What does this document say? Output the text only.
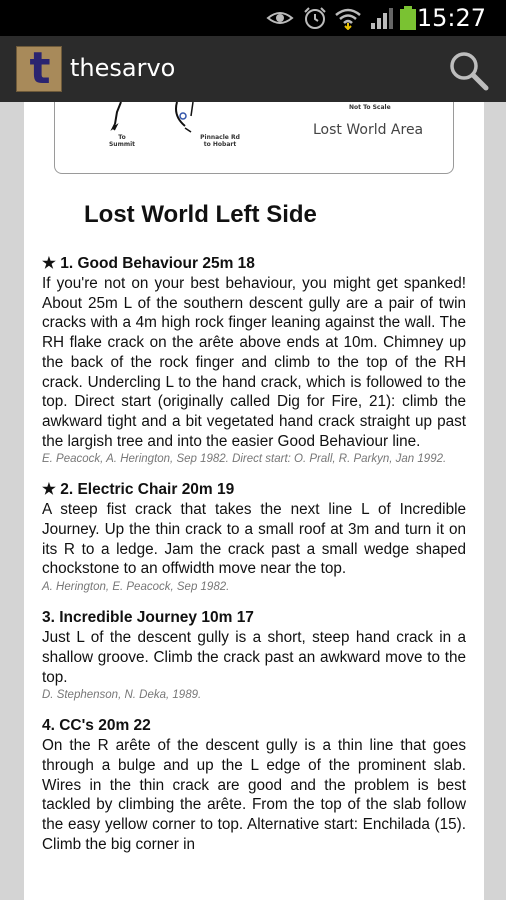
15:27
t thesarvo
Not To Scale
To Summit
Pinnacle Rd to Hobart
Lost World Area
Lost World Left Side
★ 1. Good Behaviour 25m 18
If you're not on your best behaviour, you might get spanked! About 25m L of the southern descent gully are a pair of twin cracks with a 4m high rock finger leaning against the wall. The RH flake crack on the arête above ends at 10m. Chimney up the back of the rock finger and climb to the top of the RH crack. Undercling L to the hand crack, which is followed to the top. Direct start (originally called Dig for Fire, 21): climb the awkward tight and a bit vegetated hand crack straight up past the largish tree and into the easier Good Behaviour line.
E. Peacock, A. Herington, Sep 1982. Direct start: O. Prall, R. Parkyn, Jan 1992.
★ 2. Electric Chair 20m 19
A steep fist crack that takes the next line L of Incredible Journey. Up the thin crack to a small roof at 3m and turn it on its R to a ledge. Jam the crack past a small wedge shaped chockstone to an offwidth move near the top.
A. Herington, E. Peacock, Sep 1982.
3. Incredible Journey 10m 17
Just L of the descent gully is a short, steep hand crack in a shallow groove. Climb the crack past an awkward move to the top.
D. Stephenson, N. Deka, 1989.
4. CC's 20m 22
On the R arête of the descent gully is a thin line that goes through a bulge and up the L edge of the prominent slab. Wires in the thin crack are good and the problem is best tackled by climbing the arête. From the top of the slab follow the easy yellow corner to top. Alternative start: Enchilada (15). Climb the big corner in
